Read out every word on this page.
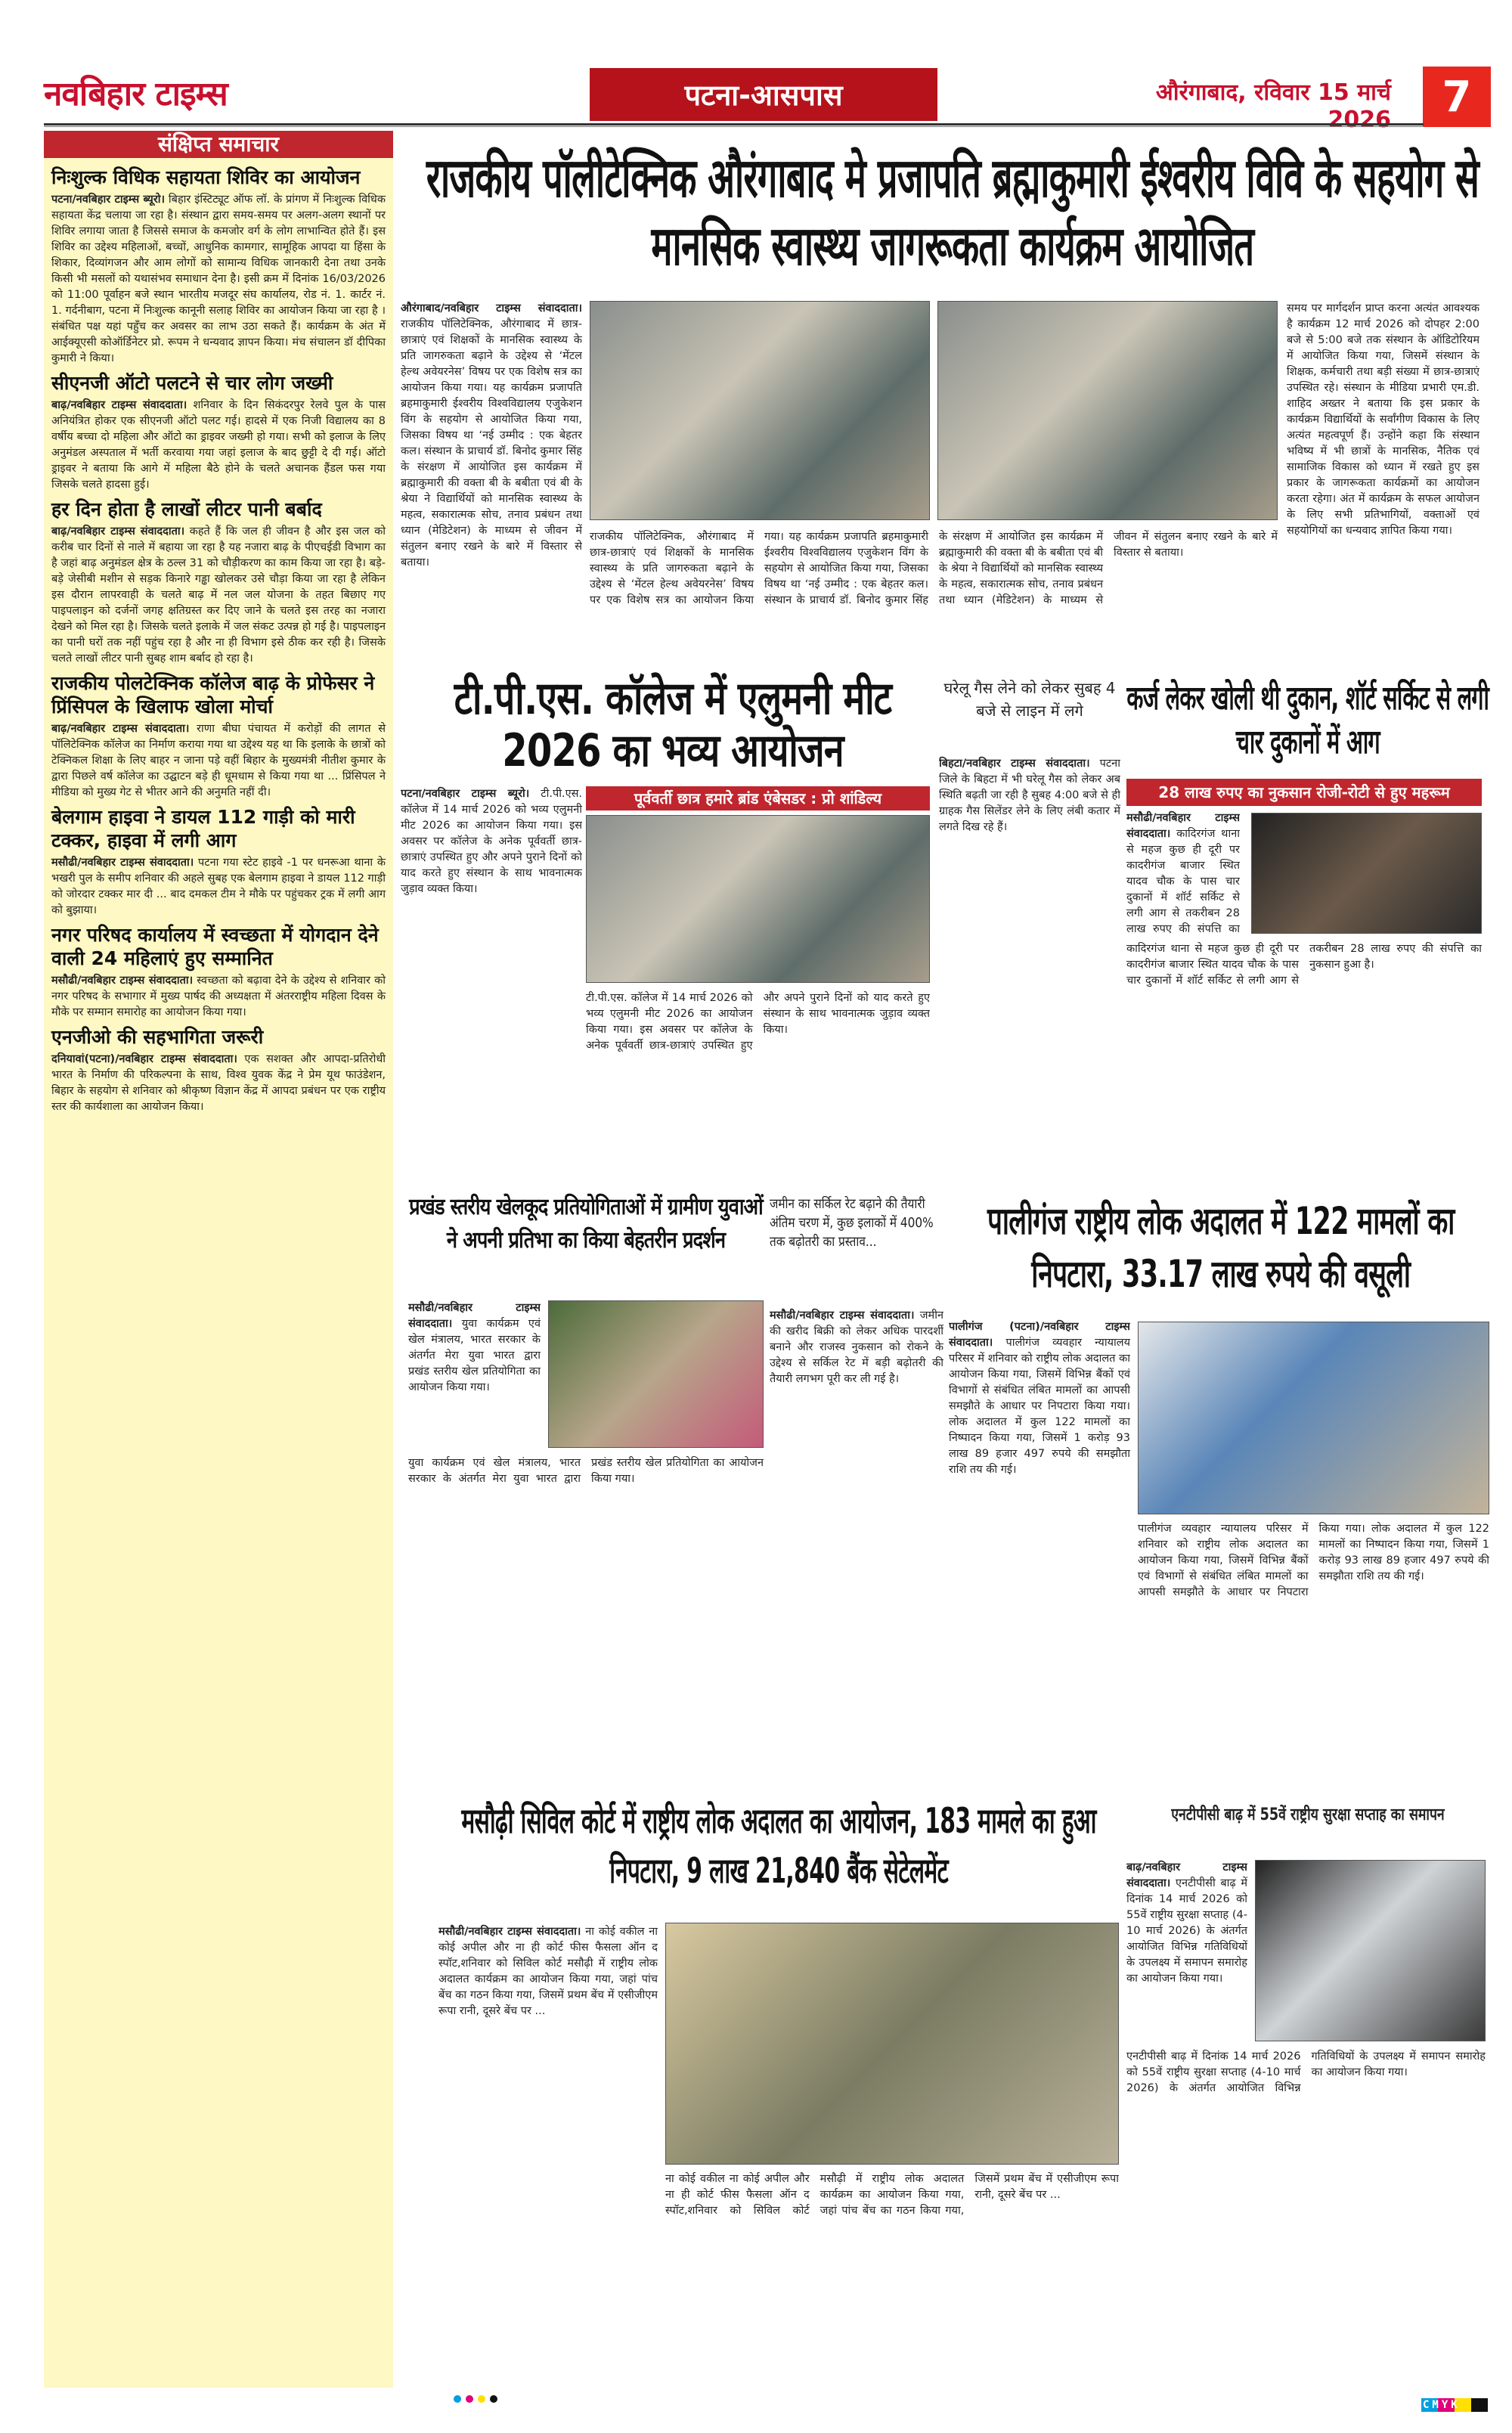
नवबिहार टाइम्स	पटना-आसपास	औरंगाबाद, रविवार 15 मार्च 2026	7
संक्षिप्त समाचार
निःशुल्क विधिक सहायता शिविर का आयोजन

पटना/नवबिहार टाइम्स ब्यूरो। बिहार इंस्टिट्यूट ऑफ लॉ. के प्रांगण में निःशुल्क विधिक सहायता केंद्र चलाया जा रहा है। संस्थान द्वारा समय-समय पर अलग-अलग स्थानों पर शिविर लगाया जाता है जिससे समाज के कमजोर वर्ग के लोग लाभान्वित होते हैं। इस शिविर का उद्देश्य महिलाओं, बच्चों, आधुनिक कामगार, सामूहिक आपदा या हिंसा के शिकार, दिव्यांगजन और आम लोगों को सामान्य विधिक जानकारी देना तथा उनके किसी भी मसलों को यथासंभव समाधान देना है। इसी क्रम में दिनांक 16/03/2026 को 11:00 पूर्वाहन बजे स्थान भारतीय मजदूर संघ कार्यालय, रोड नं. 1. कार्टर नं. 1. गर्दनीबाग, पटना में निःशुल्क कानूनी सलाह शिविर का आयोजन किया जा रहा है । संबंधित पक्ष यहां पहुँच कर अवसर का लाभ उठा सकते हैं। कार्यक्रम के अंत में आईक्यूएसी कोऑर्डिनेटर प्रो. रूपम ने धन्यवाद ज्ञापन किया। मंच संचालन डॉ दीपिका कुमारी ने किया।

सीएनजी ऑटो पलटने से चार लोग जख्मी

बाढ़/नवबिहार टाइम्स संवाददाता। शनिवार के दिन सिकंदरपुर रेलवे पुल के पास अनियंत्रित होकर एक सीएनजी ऑटो पलट गई। हादसे में एक निजी विद्यालय का 8 वर्षीय बच्चा दो महिला और ऑटो का ड्राइवर जख्मी हो गया। सभी को इलाज के लिए अनुमंडल अस्पताल में भर्ती करवाया गया जहां इलाज के बाद छुट्टी दे दी गई। ऑटो ड्राइवर ने बताया कि आगे में महिला बैठे होने के चलते अचानक हैंडल फस गया जिसके चलते हादसा हुई।

हर दिन होता है लाखों लीटर पानी बर्बाद

बाढ़/नवबिहार टाइम्स संवाददाता। कहते हैं कि जल ही जीवन है और इस जल को करीब चार दिनों से नाले में बहाया जा रहा है यह नजारा बाढ़ के पीएचईडी विभाग का है जहां बाढ़ अनुमंडल क्षेत्र के ठल्ल 31 को चौड़ीकरण का काम किया जा रहा है। बड़े-बड़े जेसीबी मशीन से सड़क किनारे गड्ढा खोलकर उसे चौड़ा किया जा रहा है लेकिन इस दौरान लापरवाही के चलते बाढ़ में नल जल योजना के तहत बिछाए गए पाइपलाइन को दर्जनों जगह क्षतिग्रस्त कर दिए जाने के चलते इस तरह का नजारा देखने को मिल रहा है। जिसके चलते इलाके में जल संकट उत्पन्न हो गई है। पाइपलाइन का पानी घरों तक नहीं पहुंच रहा है और ना ही विभाग इसे ठीक कर रही है। जिसके चलते लाखों लीटर पानी सुबह शाम बर्बाद हो रहा है।

राजकीय पोलटेक्निक कॉलेज बाढ़ के प्रोफेसर ने प्रिंसिपल के खिलाफ खोला मोर्चा

बाढ़/नवबिहार टाइम्स संवाददाता। राणा बीघा पंचायत में करोड़ों की लागत से पॉलिटेक्निक कॉलेज का निर्माण कराया गया था उद्देश्य यह था कि इलाके के छात्रों को टेक्निकल शिक्षा के लिए बाहर न जाना पड़े वहीं बिहार के मुख्यमंत्री नीतीश कुमार के द्वारा पिछले वर्ष कॉलेज का उद्घाटन बड़े ही धूमधाम से किया गया था ... प्रिंसिपल ने मीडिया को मुख्य गेट से भीतर आने की अनुमति नहीं दी।

बेलगाम हाइवा ने डायल 112 गाड़ी को मारी टक्कर, हाइवा में लगी आग

मसौढी/नवबिहार टाइम्स संवाददाता। पटना गया स्टेट हाइवे -1 पर धनरूआ थाना के भखरी पुल के समीप शनिवार की अहले सुबह एक बेलगाम हाइवा ने डायल 112 गाड़ी को जोरदार टक्कर मार दी ... बाद दमकल टीम ने मौके पर पहुंचकर ट्रक में लगी आग को बुझाया।

नगर परिषद कार्यालय में स्वच्छता में योगदान देने वाली 24 महिलाएं हुए सम्मानित

मसौढी/नवबिहार टाइम्स संवाददाता। स्वच्छता को बढ़ावा देने के उद्देश्य से शनिवार को नगर परिषद के सभागार में मुख्य पार्षद की अध्यक्षता में अंतरराष्ट्रीय महिला दिवस के मौके पर सम्मान समारोह का आयोजन किया गया।

एनजीओ की सहभागिता जरूरी

दनियावां(पटना)/नवबिहार टाइम्स संवाददाता। एक सशक्त और आपदा-प्रतिरोधी भारत के निर्माण की परिकल्पना के साथ, विश्व युवक केंद्र ने प्रेम यूथ फाउंडेशन, बिहार के सहयोग से शनिवार को श्रीकृष्ण विज्ञान केंद्र में आपदा प्रबंधन पर एक राष्ट्रीय स्तर की कार्यशाला का आयोजन किया।

राजकीय पॉलीटेक्निक औरंगाबाद मे प्रजापति ब्रह्माकुमारी ईश्वरीय विवि के सहयोग से मानसिक स्वास्थ्य जागरूकता कार्यक्रम आयोजित
औरंगाबाद/नवबिहार टाइम्स संवाददाता। राजकीय पॉलिटेक्निक, औरंगाबाद में छात्र-छात्राएं एवं शिक्षकों के मानसिक स्वास्थ्य के प्रति जागरुकता बढ़ाने के उद्देश्य से ‘मेंटल हेल्थ अवेयरनेस’ विषय पर एक विशेष सत्र का आयोजन किया गया। यह कार्यक्रम प्रजापति ब्रहमाकुमारी ईश्वरीय विश्वविद्यालय एजुकेशन विंग के सहयोग से आयोजित किया गया, जिसका विषय था ‘नई उम्मीद : एक बेहतर कल। संस्थान के प्राचार्य डॉ. बिनोद कुमार सिंह के संरक्षण में आयोजित इस कार्यक्रम में ब्रह्माकुमारी की वक्ता बी के बबीता एवं बी के श्रेया ने विद्यार्थियों को मानसिक स्वास्थ्य के महत्व, सकारात्मक सोच, तनाव प्रबंधन तथा ध्यान (मेडिटेशन) के माध्यम से जीवन में संतुलन बनाए रखने के बारे में विस्तार से बताया।
राजकीय पॉलिटेक्निक, औरंगाबाद में छात्र-छात्राएं एवं शिक्षकों के मानसिक स्वास्थ्य के प्रति जागरुकता बढ़ाने के उद्देश्य से ‘मेंटल हेल्थ अवेयरनेस’ विषय पर एक विशेष सत्र का आयोजन किया गया। यह कार्यक्रम प्रजापति ब्रहमाकुमारी ईश्वरीय विश्वविद्यालय एजुकेशन विंग के सहयोग से आयोजित किया गया, जिसका विषय था ‘नई उम्मीद : एक बेहतर कल। संस्थान के प्राचार्य डॉ. बिनोद कुमार सिंह के संरक्षण में आयोजित इस कार्यक्रम में ब्रह्माकुमारी की वक्ता बी के बबीता एवं बी के श्रेया ने विद्यार्थियों को मानसिक स्वास्थ्य के महत्व, सकारात्मक सोच, तनाव प्रबंधन तथा ध्यान (मेडिटेशन) के माध्यम से जीवन में संतुलन बनाए रखने के बारे में विस्तार से बताया।
समय पर मार्गदर्शन प्राप्त करना अत्यंत आवश्यक है कार्यक्रम 12 मार्च 2026 को दोपहर 2:00 बजे से 5:00 बजे तक संस्थान के ऑडिटोरियम में आयोजित किया गया, जिसमें संस्थान के शिक्षक, कर्मचारी तथा बड़ी संख्या में छात्र-छात्राएं उपस्थित रहे। संस्थान के मीडिया प्रभारी एम.डी. शाहिद अख्तर ने बताया कि इस प्रकार के कार्यक्रम विद्यार्थियों के सर्वांगीण विकास के लिए अत्यंत महत्वपूर्ण हैं। उन्होंने कहा कि संस्थान भविष्य में भी छात्रों के मानसिक, नैतिक एवं सामाजिक विकास को ध्यान में रखते हुए इस प्रकार के जागरूकता कार्यक्रमों का आयोजन करता रहेगा। अंत में कार्यक्रम के सफल आयोजन के लिए सभी प्रतिभागियों, वक्ताओं एवं सहयोगियों का धन्यवाद ज्ञापित किया गया।
टी.पी.एस. कॉलेज में एलुमनी मीट 2026 का भव्य आयोजन
पूर्ववर्ती छात्र हमारे ब्रांड एंबेसडर : प्रो शांडिल्य
पटना/नवबिहार टाइम्स ब्यूरो। टी.पी.एस. कॉलेज में 14 मार्च 2026 को भव्य एलुमनी मीट 2026 का आयोजन किया गया। इस अवसर पर कॉलेज के अनेक पूर्ववर्ती छात्र-छात्राएं उपस्थित हुए और अपने पुराने दिनों को याद करते हुए संस्थान के साथ भावनात्मक जुड़ाव व्यक्त किया।
टी.पी.एस. कॉलेज में 14 मार्च 2026 को भव्य एलुमनी मीट 2026 का आयोजन किया गया। इस अवसर पर कॉलेज के अनेक पूर्ववर्ती छात्र-छात्राएं उपस्थित हुए और अपने पुराने दिनों को याद करते हुए संस्थान के साथ भावनात्मक जुड़ाव व्यक्त किया।
घरेलू गैस लेने को लेकर सुबह 4 बजे से लाइन में लगे
बिहटा/नवबिहार टाइम्स संवाददाता। पटना जिले के बिहटा में भी घरेलू गैस को लेकर अब स्थिति बढ़ती जा रही है सुबह 4:00 बजे से ही ग्राहक गैस सिलेंडर लेने के लिए लंबी कतार में लगते दिख रहे हैं।
कर्ज लेकर खोली थी दुकान, शॉर्ट सर्किट से लगी चार दुकानों में आग
28 लाख रुपए का नुकसान रोजी-रोटी से हुए महरूम
मसौढी/नवबिहार टाइम्स संवाददाता। कादिरगंज थाना से महज कुछ ही दूरी पर कादरीगंज बाजार स्थित यादव चौक के पास चार दुकानों में शॉर्ट सर्किट से लगी आग से तकरीबन 28 लाख रुपए की संपत्ति का
कादिरगंज थाना से महज कुछ ही दूरी पर कादरीगंज बाजार स्थित यादव चौक के पास चार दुकानों में शॉर्ट सर्किट से लगी आग से तकरीबन 28 लाख रुपए की संपत्ति का नुकसान हुआ है।
प्रखंड स्तरीय खेलकूद प्रतियोगिताओं में ग्रामीण युवाओं ने अपनी प्रतिभा का किया बेहतरीन प्रदर्शन
मसौढी/नवबिहार टाइम्स संवाददाता। युवा कार्यक्रम एवं खेल मंत्रालय, भारत सरकार के अंतर्गत मेरा युवा भारत द्वारा प्रखंड स्तरीय खेल प्रतियोगिता का आयोजन किया गया।
युवा कार्यक्रम एवं खेल मंत्रालय, भारत सरकार के अंतर्गत मेरा युवा भारत द्वारा प्रखंड स्तरीय खेल प्रतियोगिता का आयोजन किया गया।
जमीन का सर्किल रेट बढ़ाने की तैयारी अंतिम चरण में, कुछ इलाकों में 400% तक बढ़ोतरी का प्रस्ताव...
मसौढी/नवबिहार टाइम्स संवाददाता। जमीन की खरीद बिक्री को लेकर अधिक पारदर्शी बनाने और राजस्व नुकसान को रोकने के उद्देश्य से सर्किल रेट में बड़ी बढ़ोतरी की तैयारी लगभग पूरी कर ली गई है।
पालीगंज राष्ट्रीय लोक अदालत में 122 मामलों का निपटारा, 33.17 लाख रुपये की वसूली
पालीगंज (पटना)/नवबिहार टाइम्स संवाददाता। पालीगंज व्यवहार न्यायालय परिसर में शनिवार को राष्ट्रीय लोक अदालत का आयोजन किया गया, जिसमें विभिन्न बैंकों एवं विभागों से संबंधित लंबित मामलों का आपसी समझौते के आधार पर निपटारा किया गया। लोक अदालत में कुल 122 मामलों का निष्पादन किया गया, जिसमें 1 करोड़ 93 लाख 89 हजार 497 रुपये की समझौता राशि तय की गई।
पालीगंज व्यवहार न्यायालय परिसर में शनिवार को राष्ट्रीय लोक अदालत का आयोजन किया गया, जिसमें विभिन्न बैंकों एवं विभागों से संबंधित लंबित मामलों का आपसी समझौते के आधार पर निपटारा किया गया। लोक अदालत में कुल 122 मामलों का निष्पादन किया गया, जिसमें 1 करोड़ 93 लाख 89 हजार 497 रुपये की समझौता राशि तय की गई।
मसौढ़ी सिविल कोर्ट में राष्ट्रीय लोक अदालत का आयोजन, 183 मामले का हुआ निपटारा, 9 लाख 21,840 बैंक सेटेलमेंट
मसौढी/नवबिहार टाइम्स संवाददाता। ना कोई वकील ना कोई अपील और ना ही कोर्ट फीस फैसला ऑन द स्पॉट,शनिवार को सिविल कोर्ट मसौढ़ी में राष्ट्रीय लोक अदालत कार्यक्रम का आयोजन किया गया, जहां पांच बेंच का गठन किया गया, जिसमें प्रथम बेंच में एसीजीएम रूपा रानी, दूसरे बेंच पर ...
ना कोई वकील ना कोई अपील और ना ही कोर्ट फीस फैसला ऑन द स्पॉट,शनिवार को सिविल कोर्ट मसौढ़ी में राष्ट्रीय लोक अदालत कार्यक्रम का आयोजन किया गया, जहां पांच बेंच का गठन किया गया, जिसमें प्रथम बेंच में एसीजीएम रूपा रानी, दूसरे बेंच पर ...
एनटीपीसी बाढ़ में 55वें राष्ट्रीय सुरक्षा सप्ताह का समापन
बाढ़/नवबिहार टाइम्स संवाददाता। एनटीपीसी बाढ़ में दिनांक 14 मार्च 2026 को 55वें राष्ट्रीय सुरक्षा सप्ताह (4-10 मार्च 2026) के अंतर्गत आयोजित विभिन्न गतिविधियों के उपलक्ष्य में समापन समारोह का आयोजन किया गया।
एनटीपीसी बाढ़ में दिनांक 14 मार्च 2026 को 55वें राष्ट्रीय सुरक्षा सप्ताह (4-10 मार्च 2026) के अंतर्गत आयोजित विभिन्न गतिविधियों के उपलक्ष्य में समापन समारोह का आयोजन किया गया।
CMYK
